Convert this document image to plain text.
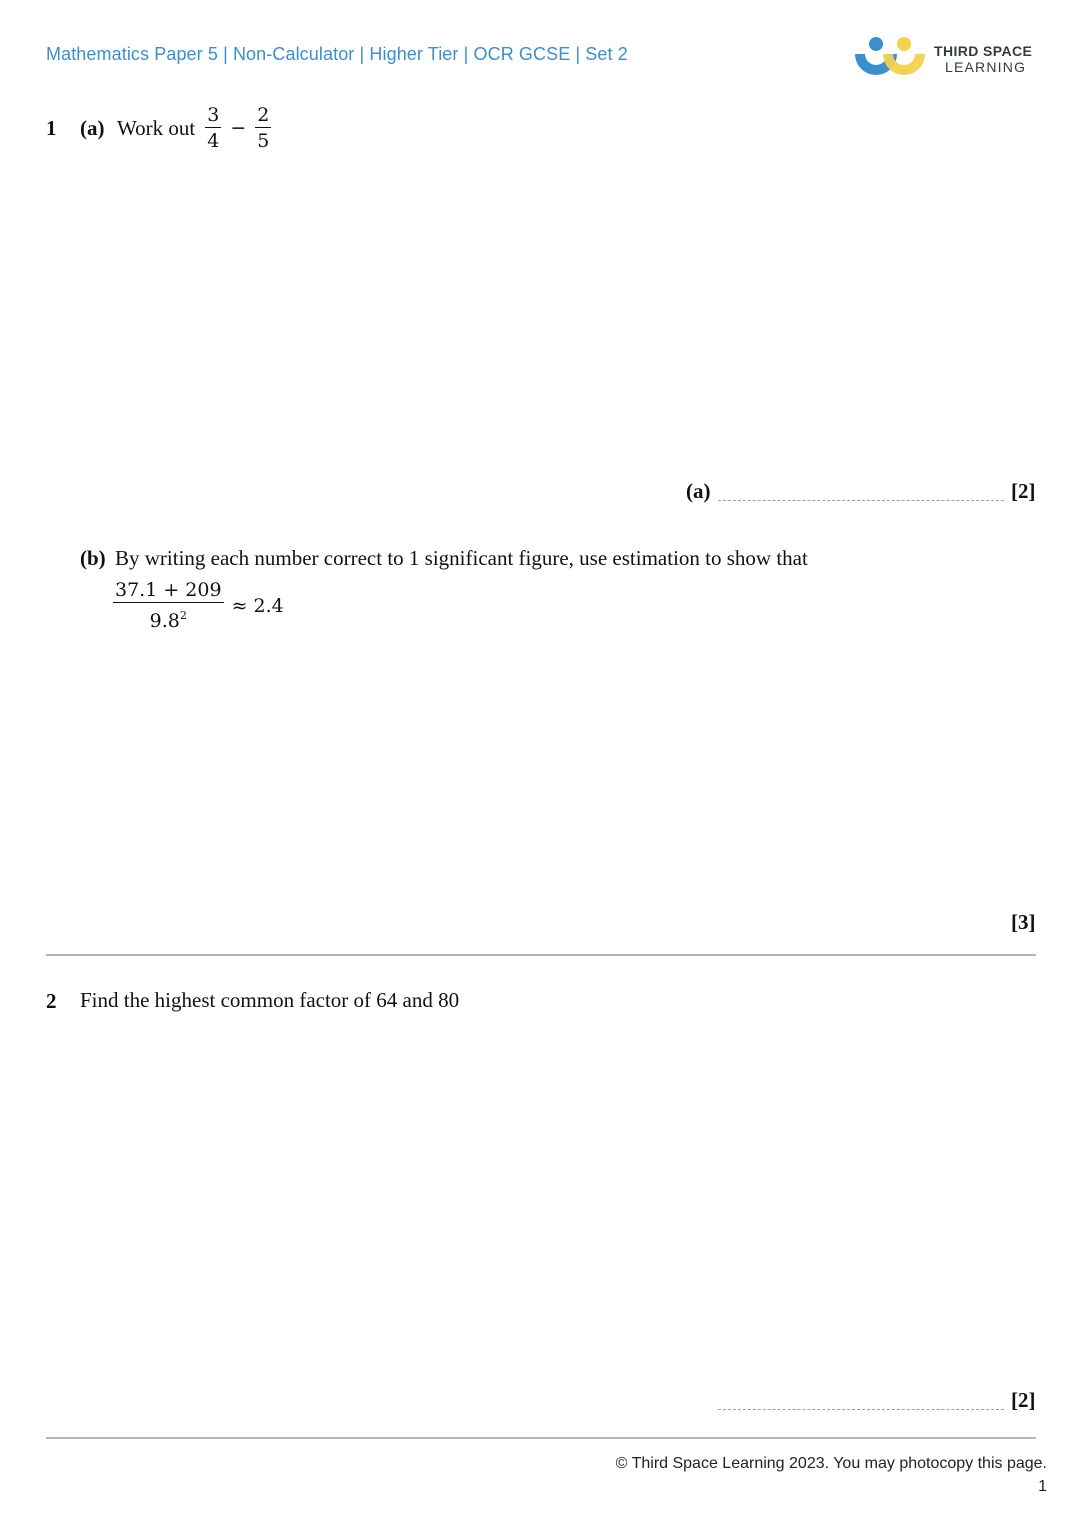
Mathematics Paper 5 | Non-Calculator | Higher Tier | OCR GCSE | Set 2	THIRD SPACE
LEARNING
1 (a) Work out $\frac{3}{4} - \frac{2}{5}$
(a)	[2]
(b) By writing each number correct to 1 significant figure, use estimation to show that
$\frac{37.1 + 209}{9.8^2} \approx 2.4$
[3]
2 Find the highest common factor of 64 and 80
[2]
© Third Space Learning 2023. You may photocopy this page.
1
